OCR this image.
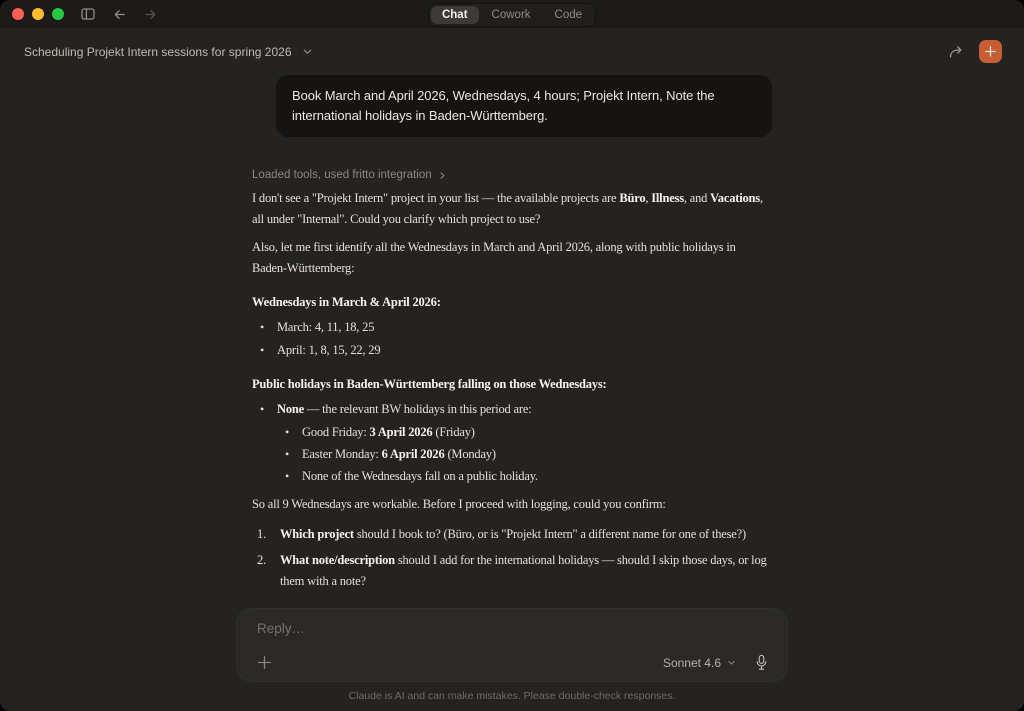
Chat	Cowork	Code
Scheduling Projekt Intern sessions for spring 2026
Book March and April 2026, Wednesdays, 4 hours; Projekt Intern, Note the international holidays in Baden-Württemberg.
Loaded tools, used fritto integration

I don't see a "Projekt Intern" project in your list — the available projects are Büro, Illness, and Vacations, all under "Internal". Could you clarify which project to use?

Also, let me first identify all the Wednesdays in March and April 2026, along with public holidays in Baden-Württemberg:

Wednesdays in March & April 2026:

• March: 4, 11, 18, 25
• April: 1, 8, 15, 22, 29

Public holidays in Baden-Württemberg falling on those Wednesdays:

• None — the relevant BW holidays in this period are:
• Good Friday: 3 April 2026 (Friday)
• Easter Monday: 6 April 2026 (Monday)
• None of the Wednesdays fall on a public holiday.

So all 9 Wednesdays are workable. Before I proceed with logging, could you confirm:

Which project should I book to? (Büro, or is "Projekt Intern" a different name for one of these?)
What note/description should I add for the international holidays — should I skip those days, or log them with a note?
Reply…
Sonnet 4.6
Claude is AI and can make mistakes. Please double-check responses.
